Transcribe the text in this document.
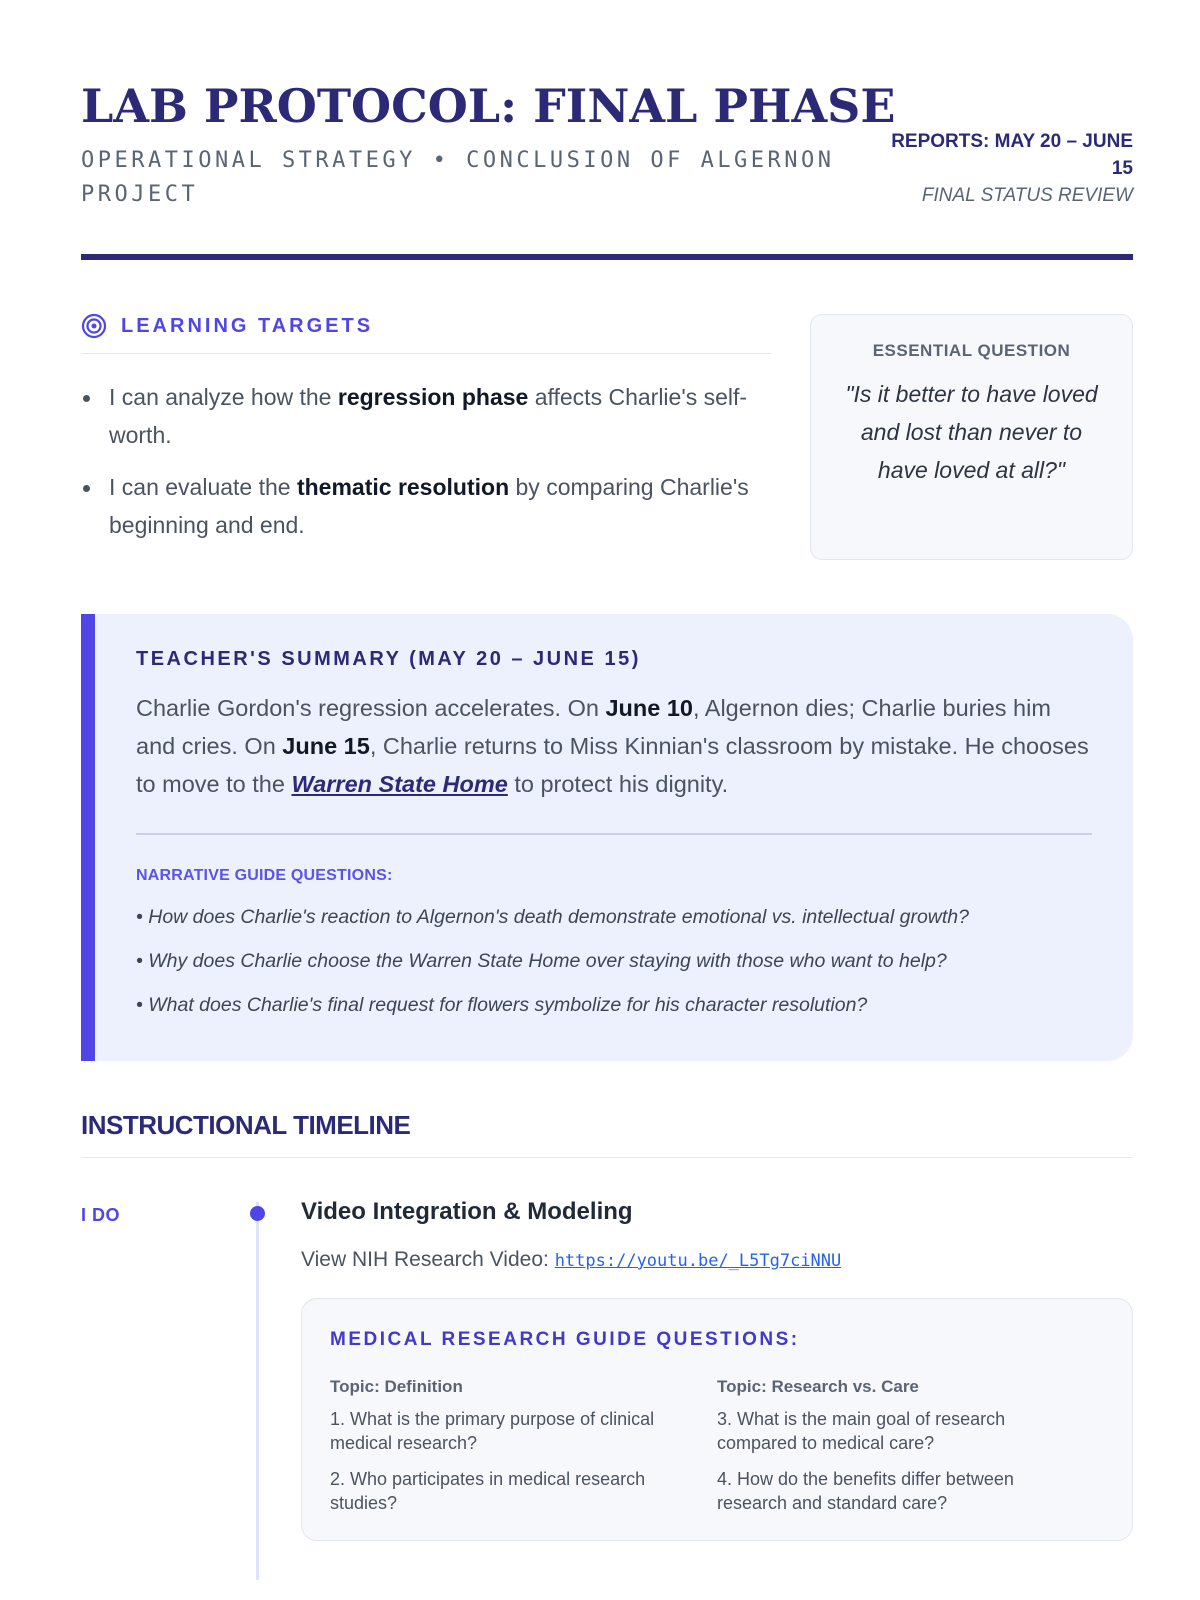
LAB PROTOCOL: FINAL PHASE
OPERATIONAL STRATEGY • CONCLUSION OF ALGERNON PROJECT
REPORTS: MAY 20 – JUNE 15
FINAL STATUS REVIEW
LEARNING TARGETS
I can analyze how the regression phase affects Charlie's self-worth.
I can evaluate the thematic resolution by comparing Charlie's beginning and end.
ESSENTIAL QUESTION
"Is it better to have loved and lost than never to have loved at all?"
TEACHER'S SUMMARY (MAY 20 – JUNE 15)

Charlie Gordon's regression accelerates. On June 10, Algernon dies; Charlie buries him and cries. On June 15, Charlie returns to Miss Kinnian's classroom by mistake. He chooses to move to the Warren State Home to protect his dignity.

NARRATIVE GUIDE QUESTIONS:
• How does Charlie's reaction to Algernon's death demonstrate emotional vs. intellectual growth?
• Why does Charlie choose the Warren State Home over staying with those who want to help?
• What does Charlie's final request for flowers symbolize for his character resolution?
INSTRUCTIONAL TIMELINE
I DO	Video Integration & Modeling
View NIH Research Video: https://youtu.be/_L5Tg7ciNNU
MEDICAL RESEARCH GUIDE QUESTIONS:
Topic: Definition
1. What is the primary purpose of clinical medical research?
2. Who participates in medical research studies?
Topic: Research vs. Care
3. What is the main goal of research compared to medical care?
4. How do the benefits differ between research and standard care?
